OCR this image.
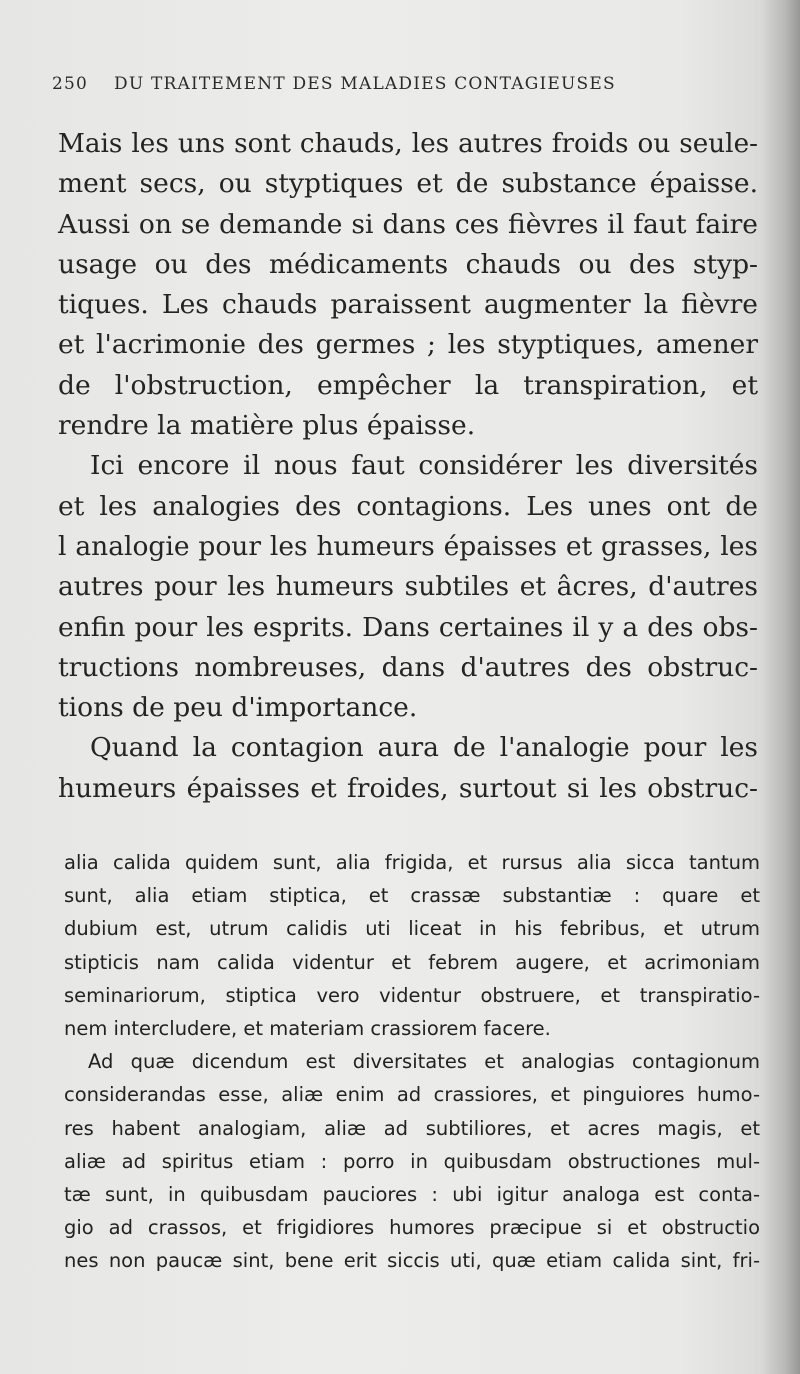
250 DU TRAITEMENT DES MALADIES CONTAGIEUSES
Mais les uns sont chauds, les autres froids ou seule-
ment secs, ou styptiques et de substance épaisse.
Aussi on se demande si dans ces fièvres il faut faire
usage ou des médicaments chauds ou des styp-
tiques. Les chauds paraissent augmenter la fièvre
et l'acrimonie des germes ; les styptiques, amener
de l'obstruction, empêcher la transpiration, et
rendre la matière plus épaisse.
Ici encore il nous faut considérer les diversités
et les analogies des contagions. Les unes ont de
l analogie pour les humeurs épaisses et grasses, les
autres pour les humeurs subtiles et âcres, d'autres
enfin pour les esprits. Dans certaines il y a des obs-
tructions nombreuses, dans d'autres des obstruc-
tions de peu d'importance.
Quand la contagion aura de l'analogie pour les
humeurs épaisses et froides, surtout si les obstruc-
alia calida quidem sunt, alia frigida, et rursus alia sicca tantum
sunt, alia etiam stiptica, et crassæ substantiæ : quare et
dubium est, utrum calidis uti liceat in his febribus, et utrum
stipticis nam calida videntur et febrem augere, et acrimoniam
seminariorum, stiptica vero videntur obstruere, et transpiratio-
nem intercludere, et materiam crassiorem facere.
Ad quæ dicendum est diversitates et analogias contagionum
considerandas esse, aliæ enim ad crassiores, et pinguiores humo-
res habent analogiam, aliæ ad subtiliores, et acres magis, et
aliæ ad spiritus etiam : porro in quibusdam obstructiones mul-
tæ sunt, in quibusdam pauciores : ubi igitur analoga est conta-
gio ad crassos, et frigidiores humores præcipue si et obstructio
nes non paucæ sint, bene erit siccis uti, quæ etiam calida sint, fri-
